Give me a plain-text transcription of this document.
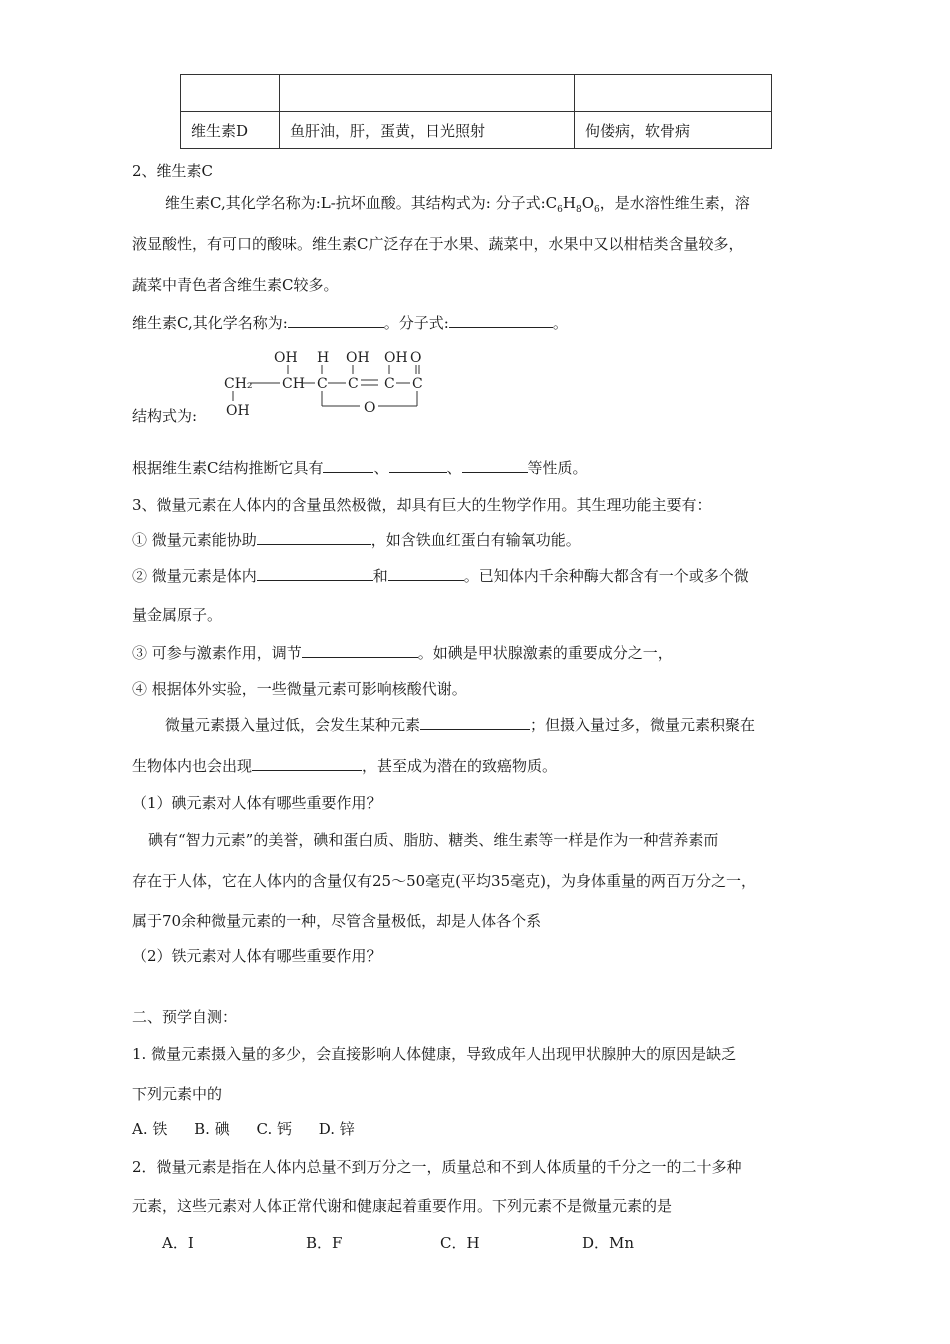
维生素D	鱼肝油，肝，蛋黄，日光照射	佝偻病，软骨病
2、维生素C
维生素C,其化学名称为:L-抗坏血酸。其结构式为: 分子式$:C_6H_8O_6$，是水溶性维生素，溶
液显酸性，有可口的酸味。维生素C广泛存在于水果、蔬菜中，水果中又以柑桔类含量较多，
蔬菜中青色者含维生素C较多。
维生素C,其化学名称为:	。分子式:	。
OH H OH OH O
CH₂ CH C C C C
OH	O
结构式为:
根据维生素C结构推断它具有	、	、	等性质。
3、微量元素在人体内的含量虽然极微，却具有巨大的生物学作用。其生理功能主要有：
① 微量元素能协助	，如含铁血红蛋白有输氧功能。
② 微量元素是体内	和	。已知体内千余种酶大都含有一个或多个微
量金属原子。
③ 可参与激素作用，调节	。如碘是甲状腺激素的重要成分之一，
④ 根据体外实验，一些微量元素可影响核酸代谢。
微量元素摄入量过低，会发生某种元素	；但摄入量过多，微量元素积聚在
生物体内也会出现	，甚至成为潜在的致癌物质。
（1）碘元素对人体有哪些重要作用？
碘有“智力元素”的美誉，碘和蛋白质、脂肪、糖类、维生素等一样是作为一种营养素而
存在于人体，它在人体内的含量仅有25～50毫克(平均35毫克)，为身体重量的两百万分之一，
属于70余种微量元素的一种，尽管含量极低，却是人体各个系
（2）铁元素对人体有哪些重要作用？
二、预学自测：
1. 微量元素摄入量的多少，会直接影响人体健康，导致成年人出现甲状腺肿大的原因是缺乏
下列元素中的
A. 铁 B. 碘 C. 钙 D. 锌
2．微量元素是指在人体内总量不到万分之一，质量总和不到人体质量的千分之一的二十多种
元素，这些元素对人体正常代谢和健康起着重要作用。下列元素不是微量元素的是
A．I	B．F	C．H	D．Mn
